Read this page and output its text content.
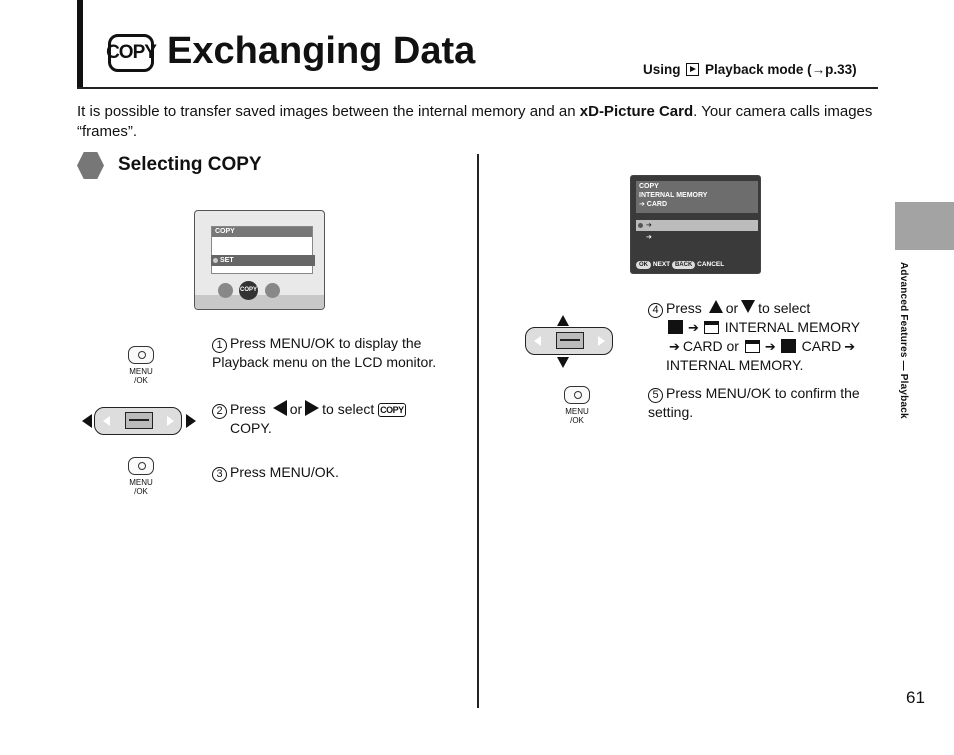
COPY Exchanging Data	Using Playback mode (→p.33)

It is possible to transfer saved images between the internal memory and an xD-Picture Card. Your camera calls images “frames”.

Selecting COPY
COPY
SET
COPY
MENU
/OK
1 Press MENU/OK to display the Playback menu on the LCD monitor.
2 Press or to select COPY
COPY.
MENU
/OK
3 Press MENU/OK.
COPY
INTERNAL MEMORY
➔ CARD
➔
➔
OK NEXT BACK CANCEL
4 Press or to select
➔ INTERNAL MEMORY
➔ CARD or ➔ CARD ➔
INTERNAL MEMORY.
MENU
/OK
5 Press MENU/OK to confirm the setting.	Advanced Features — Playback
61
